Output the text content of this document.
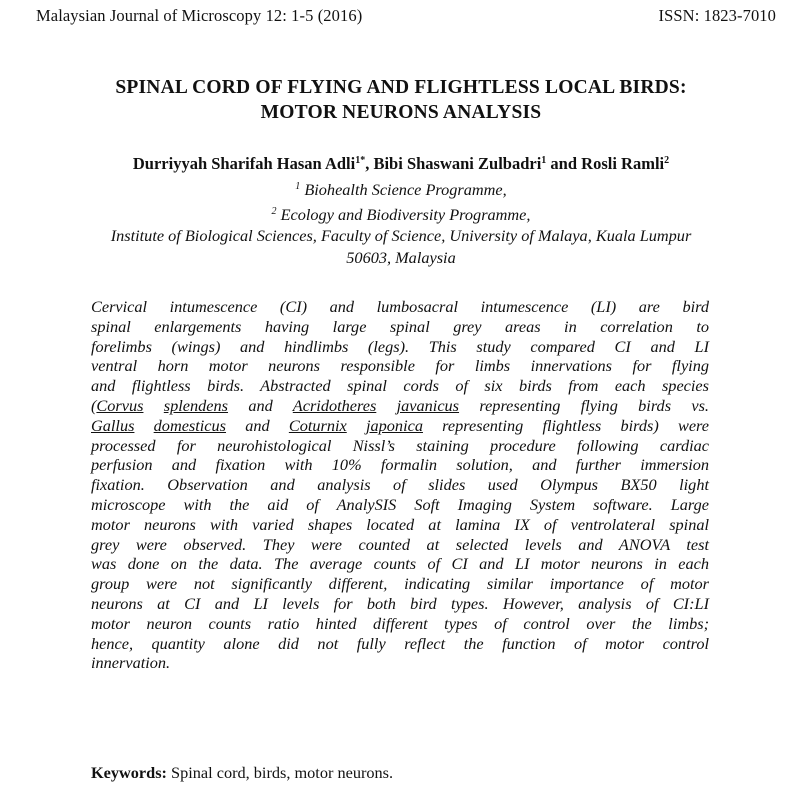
Malaysian Journal of Microscopy 12: 1-5 (2016)	ISSN: 1823-7010
SPINAL CORD OF FLYING AND FLIGHTLESS LOCAL BIRDS:
MOTOR NEURONS ANALYSIS
Durriyyah Sharifah Hasan Adli$^{1*}$, Bibi Shaswani Zulbadri$^1$ and Rosli Ramli$^2$
$^1$ Biohealth Science Programme,
$^2$ Ecology and Biodiversity Programme,
Institute of Biological Sciences, Faculty of Science, University of Malaya, Kuala Lumpur
50603, Malaysia
Cervical intumescence (CI) and lumbosacral intumescence (LI) are bird
spinal enlargements having large spinal grey areas in correlation to
forelimbs (wings) and hindlimbs (legs). This study compared CI and LI
ventral horn motor neurons responsible for limbs innervations for flying
and flightless birds. Abstracted spinal cords of six birds from each species
(Corvus splendens and Acridotheres javanicus representing flying birds vs.
Gallus domesticus and Coturnix japonica representing flightless birds) were
processed for neurohistological Nissl’s staining procedure following cardiac
perfusion and fixation with 10% formalin solution, and further immersion
fixation. Observation and analysis of slides used Olympus BX50 light
microscope with the aid of AnalySIS Soft Imaging System software. Large
motor neurons with varied shapes located at lamina IX of ventrolateral spinal
grey were observed. They were counted at selected levels and ANOVA test
was done on the data. The average counts of CI and LI motor neurons in each
group were not significantly different, indicating similar importance of motor
neurons at CI and LI levels for both bird types. However, analysis of CI:LI
motor neuron counts ratio hinted different types of control over the limbs;
hence, quantity alone did not fully reflect the function of motor control
innervation.
Keywords: Spinal cord, birds, motor neurons.
